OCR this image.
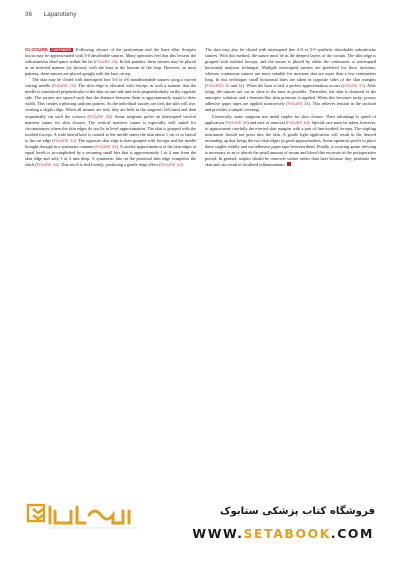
36 Laparotomy

CLOSURE CONTINUED Following closure of the peritoneum and the linea alba, Scarpa's fascia may be approximated with 3-0 absorbable sutures. Many operators feel that this lessens the subcutaneous dead space within the fat (FIGURE 28). In this patients, these sutures may be placed in an inverted manner (as shown), with the knot at the bottom of the loop. However, in most patients, these sutures are placed upright with the knot on top.

The skin may be closed with interrupted fine 3-0 or 4-0 nonabsorbable sutures using a curved cutting needle (FIGURE 29). The skin edge is elevated with forceps in such a manner that the needle is introduced perpendicular to the skin on one side and exits perpendicularly on the opposite side. The sutures are spaced such that the distance between them is approximately equal to their width. This creates a pleasing uniform pattern. As the individual sutures are tied, the skin will rise, creating a slight ridge. When all sutures are tied, they are held in the surgeon's left hand and then sequentially cut with the scissors (FIGURE 30). Some surgeons prefer an interrupted vertical mattress suture for skin closure. The vertical mattress suture is especially well suited for circumstances where the skin edges do not lie in level approximation. The skin is grasped with the toothed forceps. A wide lateral base is created as the needle enters the skin about 1 cm or so lateral to the cut edge (FIGURE 31). The opposite skin edge is then grasped with forceps and the needle brought through in a symmetric manner (FIGURE 32). A careful approximation of the skin edges at equal levels is accomplished by a returning small bite that is approximately 1 or 2 mm from the skin edge and only 1 or 2 mm deep. A symmetric bite on the proximal skin edge completes the stitch (FIGURE 33). This stitch is tied loosely, producing a gentle ridge effect (FIGURE 34).

The skin may also be closed with interrupted fine 4-0 or 5-0 synthetic absorbable subcuticular sutures. With this method, the suture must lie in the deepest layers of the corium. The skin edge is grasped with toothed forceps, and the suture is placed by either the continuous or interrupted horizontal mattress technique. Multiple interrupted sutures are preferred for short incisions, whereas continuous sutures are more suitable for incisions that are more than a few centimeters long. In this technique, small horizontal bites are taken in opposite sides of the skin margins (FIGURES 35 and 36). When the knot is tied, a perfect approximation occurs (FIGURE 37). After tying, the sutures are cut as close to the knot as possible. Thereafter, the skin is cleansed of the antiseptic solution, and a benzoin-like skin protector is applied. When this becomes tacky, porous adhesive paper tapes are applied transversely (FIGURE 38). This relieves tension in the incision and provides a simple covering.

Conversely, some surgeons use metal staples for skin closure. Their advantage is speed of application (FIGURE 39) and ease of removal (FIGURE 40). Special care must be taken, however, to approximate carefully the everted skin margins with a pair of fine-toothed forceps. The stapling instrument should not press into the skin. A gentle light application will result in the desired mounding up that keeps the two skin edges in good approximation. Some operators prefer to place these staples widely and use adhesive paper tape between them. Finally, a covering gauze dressing is necessary so as to absorb the small amount of serum and blood that excavate in the postoperative period. In general, staples should be removed sooner rather than later because they penetrate the skin and can result in localized inflammations.

فروشگاه کتاب پزشکی ستابوک
WWW.SETABOOK.COM
